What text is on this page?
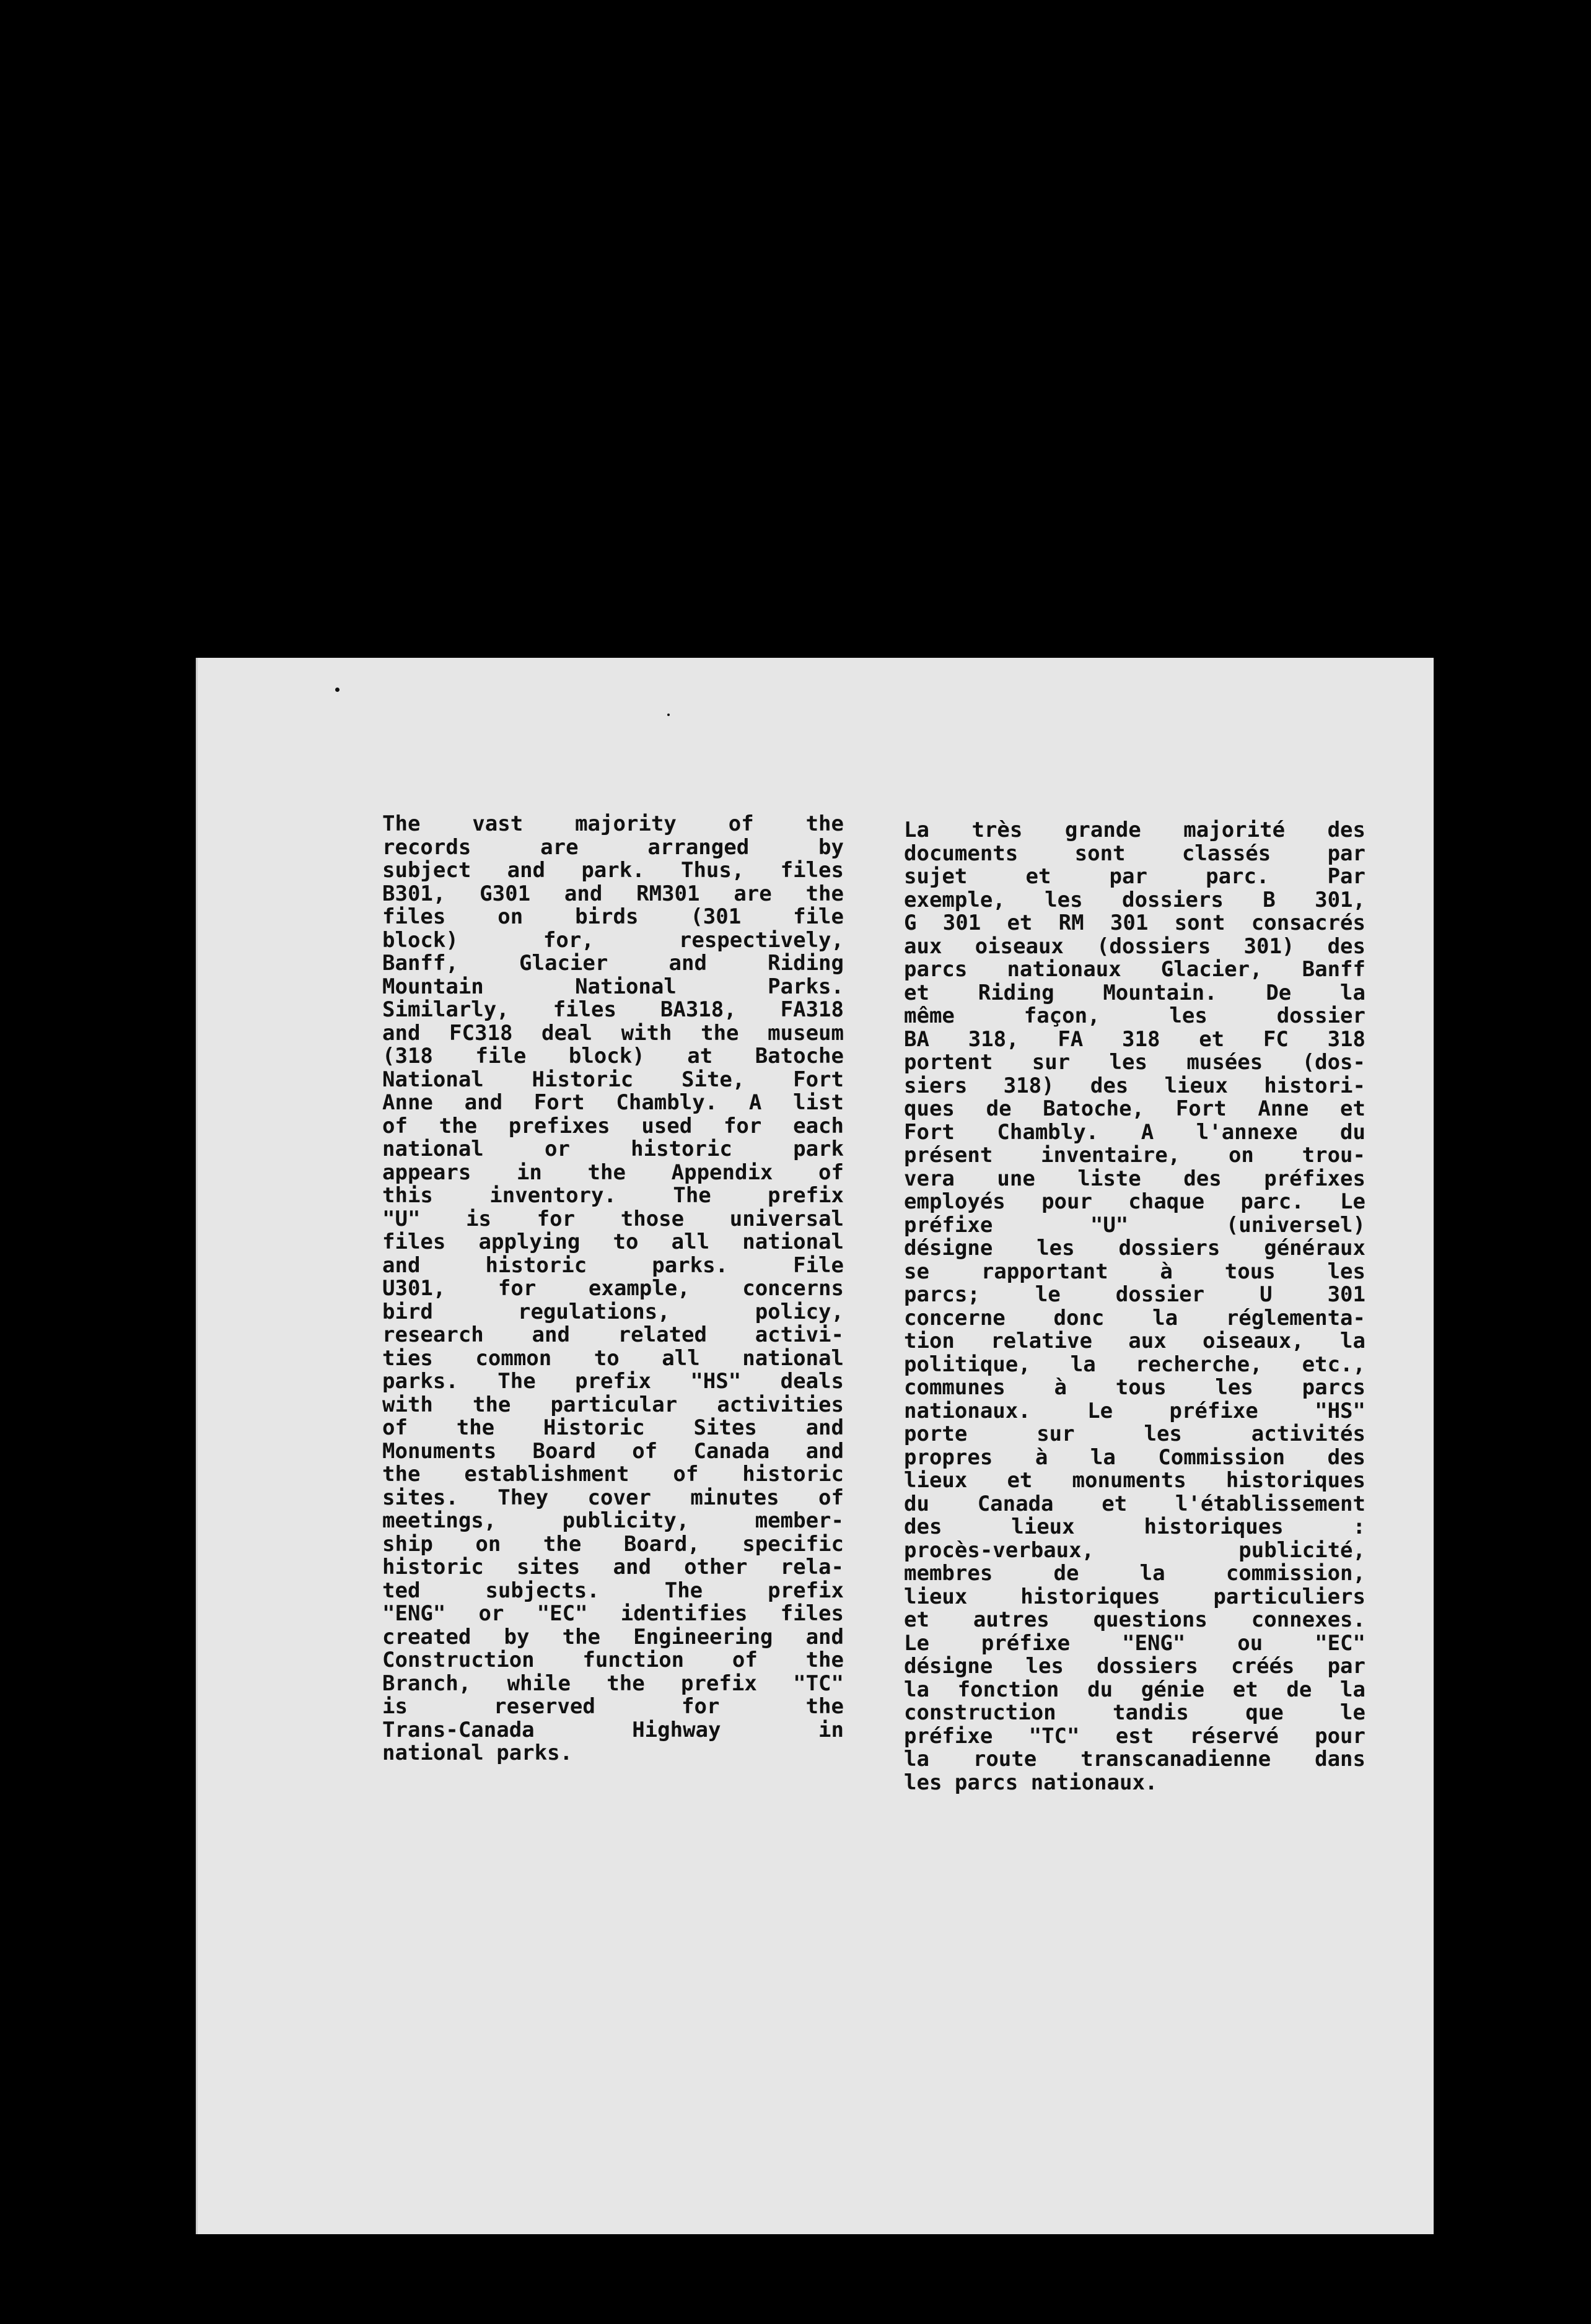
The vast majority of the
records are arranged by
subject and park. Thus, files
B301, G301 and RM301 are the
files on birds (301 file
block) for, respectively,
Banff, Glacier and Riding
Mountain National Parks.
Similarly, files BA318, FA318
and FC318 deal with the museum
(318 file block) at Batoche
National Historic Site, Fort
Anne and Fort Chambly. A list
of the prefixes used for each
national or historic park
appears in the Appendix of
this inventory. The prefix
"U" is for those universal
files applying to all national
and historic parks. File
U301, for example, concerns
bird regulations, policy,
research and related activi-
ties common to all national
parks. The prefix "HS" deals
with the particular activities
of the Historic Sites and
Monuments Board of Canada and
the establishment of historic
sites. They cover minutes of
meetings, publicity, member-
ship on the Board, specific
historic sites and other rela-
ted subjects. The prefix
"ENG" or "EC" identifies files
created by the Engineering and
Construction function of the
Branch, while the prefix "TC"
is reserved for the
Trans-Canada Highway in
national parks.
La très grande majorité des
documents sont classés par
sujet et par parc. Par
exemple, les dossiers B 301,
G 301 et RM 301 sont consacrés
aux oiseaux (dossiers 301) des
parcs nationaux Glacier, Banff
et Riding Mountain. De la
même façon, les dossier
BA 318, FA 318 et FC 318
portent sur les musées (dos-
siers 318) des lieux histori-
ques de Batoche, Fort Anne et
Fort Chambly. A l'annexe du
présent inventaire, on trou-
vera une liste des préfixes
employés pour chaque parc. Le
préfixe "U" (universel)
désigne les dossiers généraux
se rapportant à tous les
parcs; le dossier U 301
concerne donc la réglementa-
tion relative aux oiseaux, la
politique, la recherche, etc.,
communes à tous les parcs
nationaux. Le préfixe "HS"
porte sur les activités
propres à la Commission des
lieux et monuments historiques
du Canada et l'établissement
des lieux historiques :
procès-verbaux, publicité,
membres de la commission,
lieux historiques particuliers
et autres questions connexes.
Le préfixe "ENG" ou "EC"
désigne les dossiers créés par
la fonction du génie et de la
construction tandis que le
préfixe "TC" est réservé pour
la route transcanadienne dans
les parcs nationaux.
